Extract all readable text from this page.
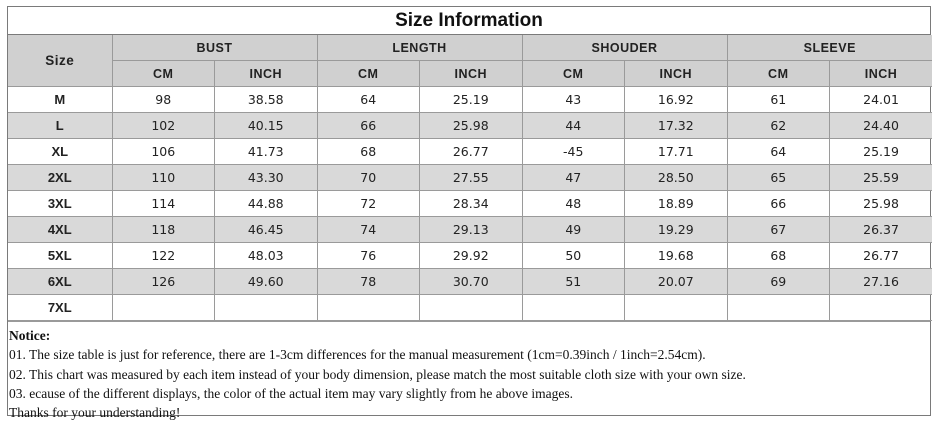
Size Information
Size	BUST		LENGTH		SHOUDER		SLEEVE	
	CM	INCH	CM	INCH	CM	INCH	CM	INCH
M	98	38.58	64	25.19	43	16.92	61	24.01
L	102	40.15	66	25.98	44	17.32	62	24.40
XL	106	41.73	68	26.77	-45	17.71	64	25.19
2XL	110	43.30	70	27.55	47	28.50	65	25.59
3XL	114	44.88	72	28.34	48	18.89	66	25.98
4XL	118	46.45	74	29.13	49	19.29	67	26.37
5XL	122	48.03	76	29.92	50	19.68	68	26.77
6XL	126	49.60	78	30.70	51	20.07	69	27.16
7XL								
Notice:
01. The size table is just for reference, there are 1-3cm differences for the manual measurement (1cm=0.39inch / 1inch=2.54cm).
02. This chart was measured by each item instead of your body dimension, please match the most suitable cloth size with your own size.
03. ecause of the different displays, the color of the actual item may vary slightly from he above images.
Thanks for your understanding!
